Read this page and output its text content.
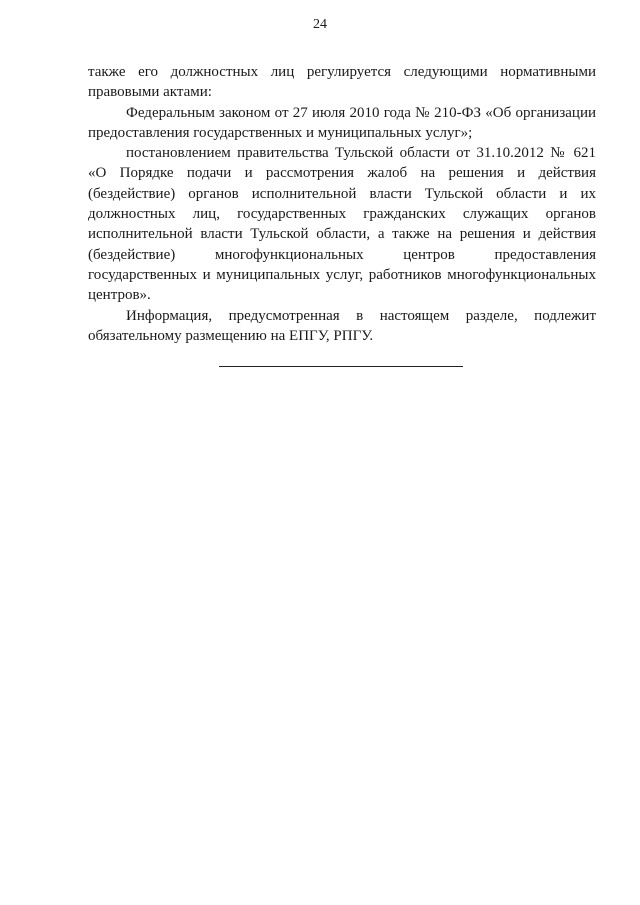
24

также его должностных лиц регулируется следующими нормативными правовыми актами:

Федеральным законом от 27 июля 2010 года № 210-ФЗ «Об организации предоставления государственных и муниципальных услуг»;

постановлением правительства Тульской области от 31.10.2012 № 621 «О Порядке подачи и рассмотрения жалоб на решения и действия (бездействие) органов исполнительной власти Тульской области и их должностных лиц, государственных гражданских служащих органов исполнительной власти Тульской области, а также на решения и действия (бездействие) многофункциональных центров предоставления государственных и муниципальных услуг, работников многофункциональных центров».

Информация, предусмотренная в настоящем разделе, подлежит обязательному размещению на ЕПГУ, РПГУ.
